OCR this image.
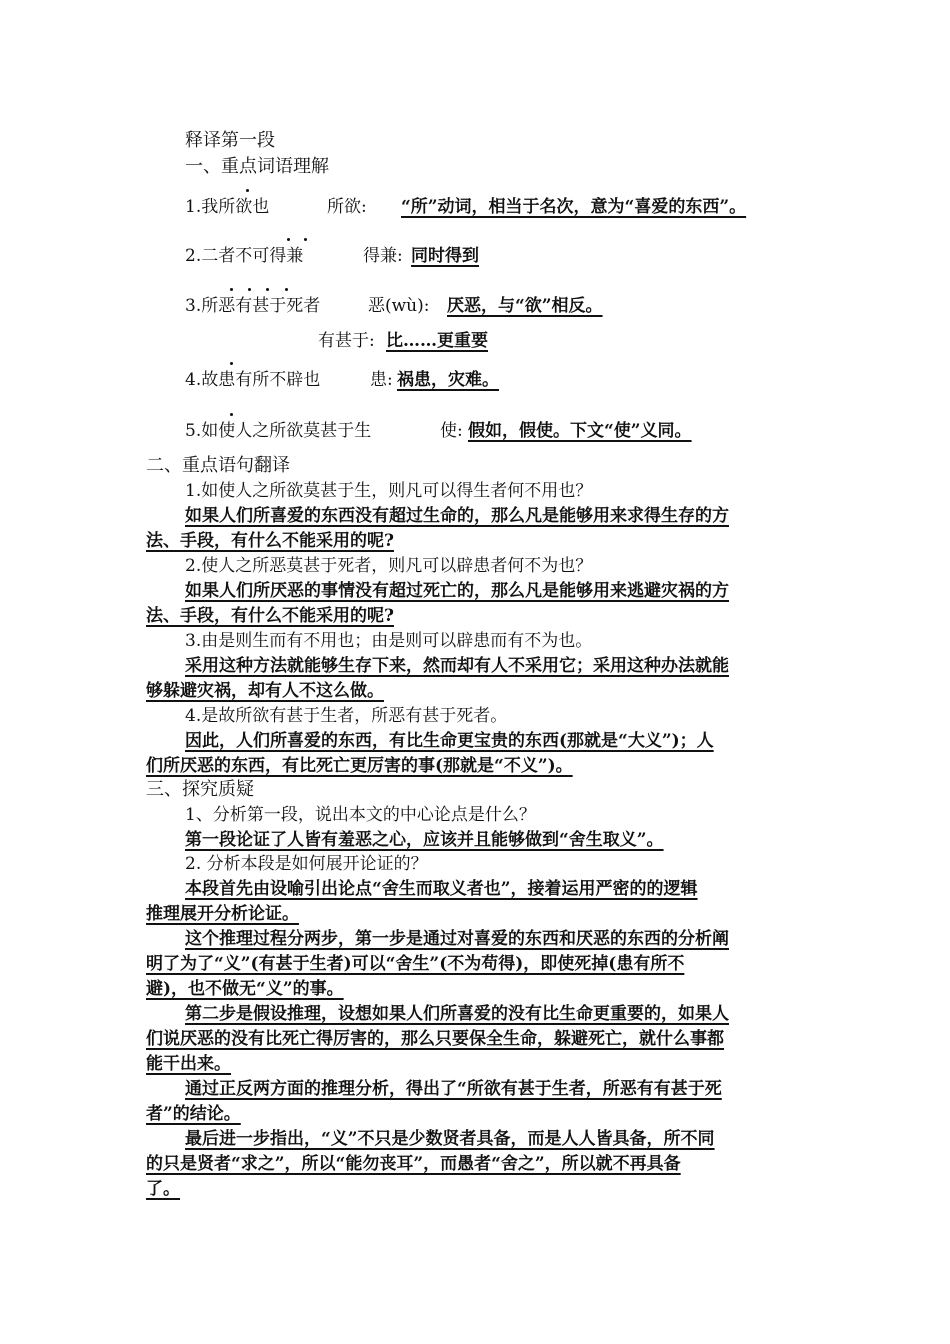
释译第一段
一、重点词语理解
1.我所欲也	所欲: “所”动词，相当于名次，意为“喜爱的东西”。
2.二者不可得兼	得兼: 同时得到
3.所恶有甚于死者	恶(wù): 厌恶，与“欲”相反。
有甚于: 比……更重要
4.故患有所不辟也	患: 祸患，灾难。
5.如使人之所欲莫甚于生	使: 假如，假使。下文“使”义同。
二、重点语句翻译
1.如使人之所欲莫甚于生，则凡可以得生者何不用也？
如果人们所喜爱的东西没有超过生命的，那么凡是能够用来求得生存的方
法、手段，有什么不能采用的呢?
2.使人之所恶莫甚于死者，则凡可以辟患者何不为也？
如果人们所厌恶的事情没有超过死亡的，那么凡是能够用来逃避灾祸的方
法、手段，有什么不能采用的呢?
3.由是则生而有不用也；由是则可以辟患而有不为也。
采用这种方法就能够生存下来，然而却有人不采用它；采用这种办法就能
够躲避灾祸，却有人不这么做。
4.是故所欲有甚于生者，所恶有甚于死者。
因此，人们所喜爱的东西，有比生命更宝贵的东西(那就是“大义”)；人
们所厌恶的东西，有比死亡更厉害的事(那就是“不义”)。
三、探究质疑
1、分析第一段，说出本文的中心论点是什么？
第一段论证了人皆有羞恶之心，应该并且能够做到“舍生取义”。
2. 分析本段是如何展开论证的？
本段首先由设喻引出论点“舍生而取义者也”，接着运用严密的的逻辑
推理展开分析论证。
这个推理过程分两步，第一步是通过对喜爱的东西和厌恶的东西的分析阐
明了为了“义”(有甚于生者)可以“舍生”(不为苟得)，即使死掉(患有所不
避)，也不做无“义”的事。
第二步是假设推理，设想如果人们所喜爱的没有比生命更重要的，如果人
们说厌恶的没有比死亡得厉害的，那么只要保全生命，躲避死亡，就什么事都
能干出来。
通过正反两方面的推理分析，得出了“所欲有甚于生者，所恶有有甚于死
者”的结论。
最后进一步指出，“义”不只是少数贤者具备，而是人人皆具备，所不同
的只是贤者“求之”，所以“能勿丧耳”，而愚者“舍之”，所以就不再具备
了。
